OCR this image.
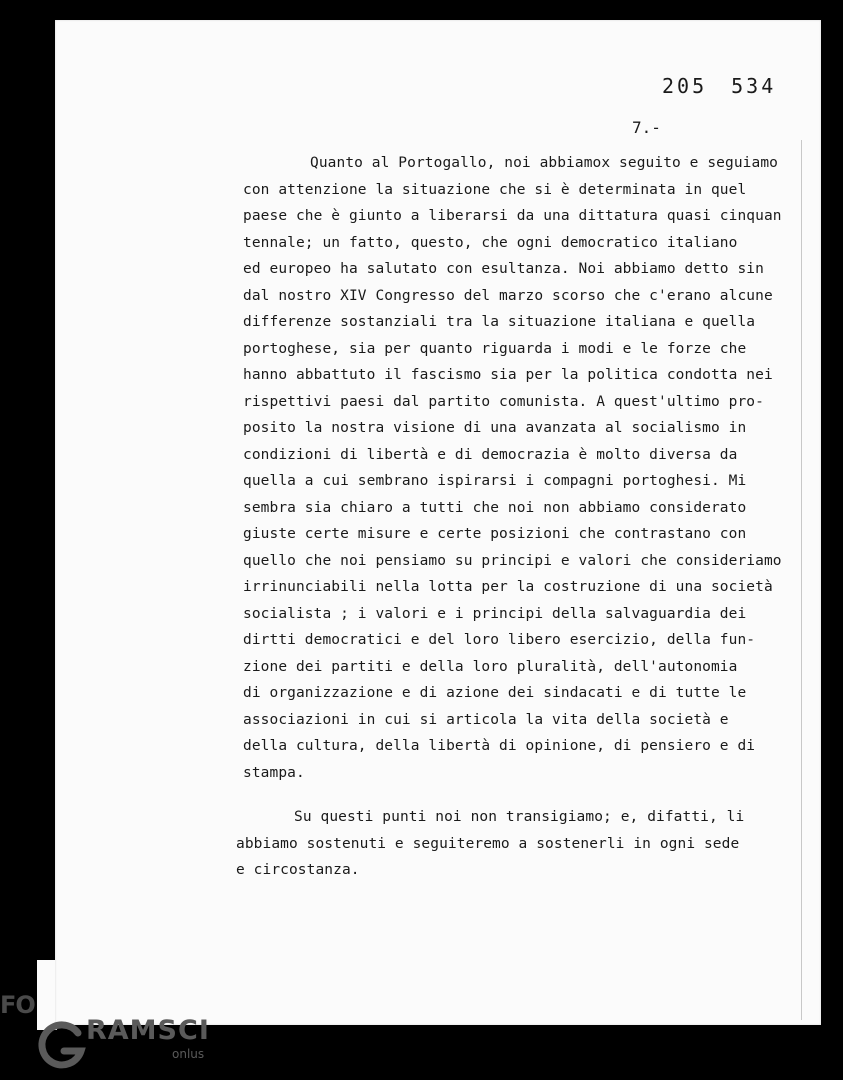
205 534
7.-
Quanto al Portogallo, noi abbiamox seguito e seguiamo
con attenzione la situazione che si è determinata in quel
paese che è giunto a liberarsi da una dittatura quasi cinquan
tennale; un fatto, questo, che ogni democratico italiano
ed europeo ha salutato con esultanza. Noi abbiamo detto sin
dal nostro XIV Congresso del marzo scorso che c'erano alcune
differenze sostanziali tra la situazione italiana e quella
portoghese, sia per quanto riguarda i modi e le forze che
hanno abbattuto il fascismo sia per la politica condotta nei
rispettivi paesi dal partito comunista. A quest'ultimo pro-
posito la nostra visione di una avanzata al socialismo in
condizioni di libertà e di democrazia è molto diversa da
quella a cui sembrano ispirarsi i compagni portoghesi. Mi
sembra sia chiaro a tutti che noi non abbiamo considerato
giuste certe misure e certe posizioni che contrastano con
quello che noi pensiamo su principi e valori che consideriamo
irrinunciabili nella lotta per la costruzione di una società
socialista ; i valori e i principi della salvaguardia dei
dirtti democratici e del loro libero esercizio, della fun-
zione dei partiti e della loro pluralità, dell'autonomia
di organizzazione e di azione dei sindacati e di tutte le
associazioni in cui si articola la vita della società e
della cultura, della libertà di opinione, di pensiero e di
stampa.
Su questi punti noi non transigiamo; e, difatti, li
abbiamo sostenuti e seguiteremo a sostenerli in ogni sede
e circostanza.
FO
RAMSCI
onlus
